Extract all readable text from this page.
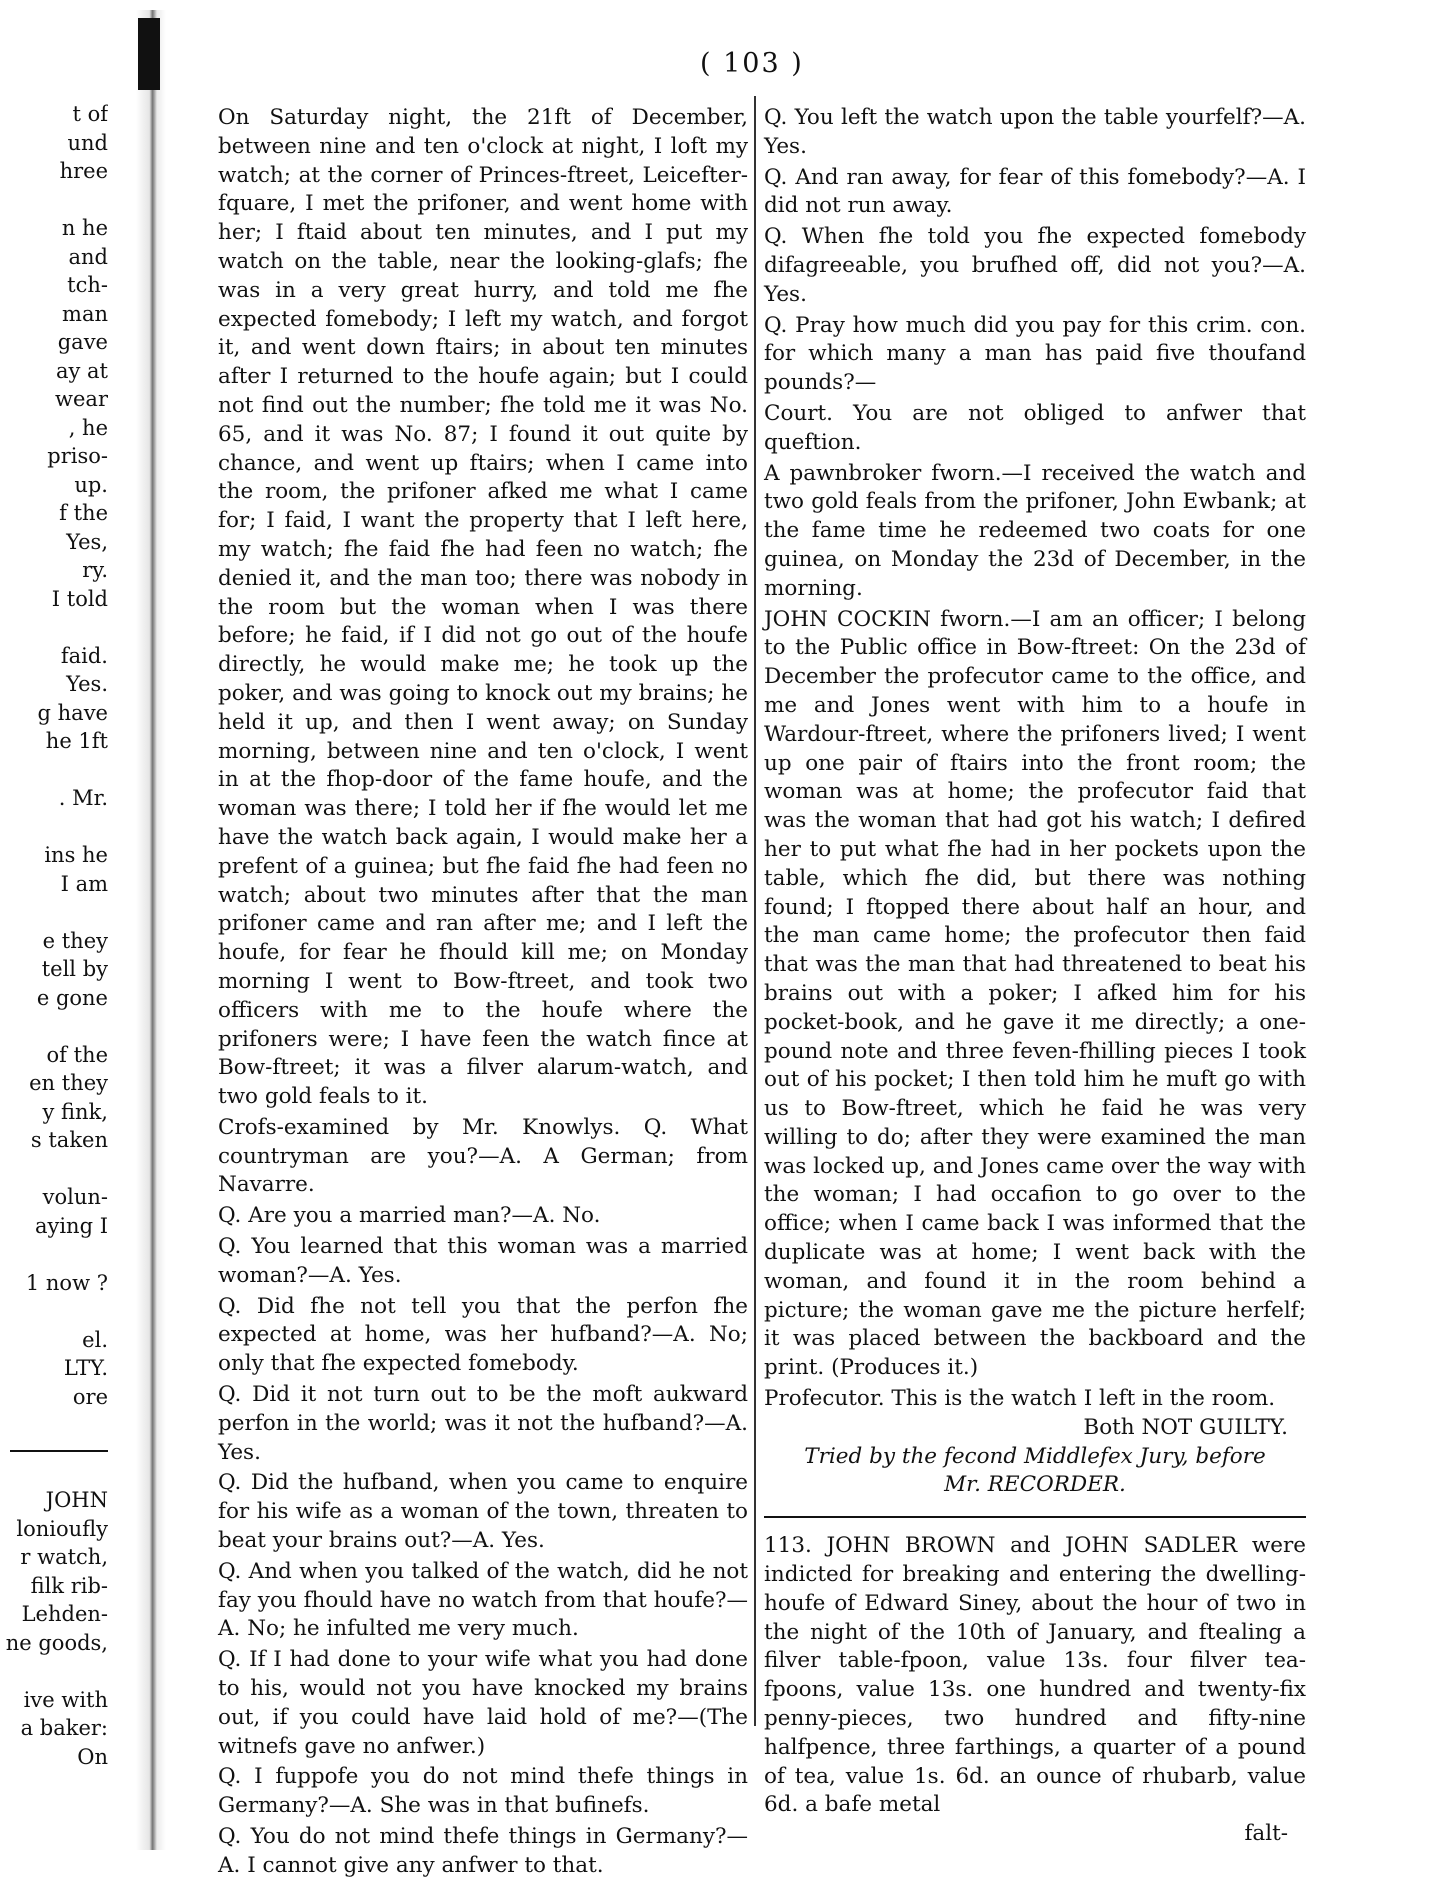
( 103 )
t of
und
hree
n he
and
tch-
man
gave
ay at
wear
, he
priso-
up.
f the
Yes,
ry.
I told
faid.
Yes.
g have
he 1ft
. Mr.
ins he
I am
e they
tell by
e gone
of the
en they
y fink,
s taken
volun-
aying I
1 now ?
el.
LTY.
ore
JOHN
lonioufly
r watch,
filk rib-
Lehden-
ne goods,
ive with
a baker:
On

On Saturday night, the 21ft of December, between nine and ten o'clock at night, I loft my watch; at the corner of Princes-ftreet, Leicefter-fquare, I met the prifoner, and went home with her; I ftaid about ten minutes, and I put my watch on the table, near the looking-glafs; fhe was in a very great hurry, and told me fhe expected fomebody; I left my watch, and forgot it, and went down ftairs; in about ten minutes after I returned to the houfe again; but I could not find out the number; fhe told me it was No. 65, and it was No. 87; I found it out quite by chance, and went up ftairs; when I came into the room, the prifoner afked me what I came for; I faid, I want the property that I left here, my watch; fhe faid fhe had feen no watch; fhe denied it, and the man too; there was nobody in the room but the woman when I was there before; he faid, if I did not go out of the houfe directly, he would make me; he took up the poker, and was going to knock out my brains; he held it up, and then I went away; on Sunday morning, between nine and ten o'clock, I went in at the fhop-door of the fame houfe, and the woman was there; I told her if fhe would let me have the watch back again, I would make her a prefent of a guinea; but fhe faid fhe had feen no watch; about two minutes after that the man prifoner came and ran after me; and I left the houfe, for fear he fhould kill me; on Monday morning I went to Bow-ftreet, and took two officers with me to the houfe where the prifoners were; I have feen the watch fince at Bow-ftreet; it was a filver alarum-watch, and two gold feals to it.

Crofs-examined by Mr. Knowlys. Q. What countryman are you?—A. A German; from Navarre.

Q. Are you a married man?—A. No.

Q. You learned that this woman was a married woman?—A. Yes.

Q. Did fhe not tell you that the perfon fhe expected at home, was her hufband?—A. No; only that fhe expected fomebody.

Q. Did it not turn out to be the moft aukward perfon in the world; was it not the hufband?—A. Yes.

Q. Did the hufband, when you came to enquire for his wife as a woman of the town, threaten to beat your brains out?—A. Yes.

Q. And when you talked of the watch, did he not fay you fhould have no watch from that houfe?—A. No; he infulted me very much.

Q. If I had done to your wife what you had done to his, would not you have knocked my brains out, if you could have laid hold of me?—(The witnefs gave no anfwer.)

Q. I fuppofe you do not mind thefe things in Germany?—A. She was in that bufinefs.

Q. You do not mind thefe things in Germany?—A. I cannot give any anfwer to that.

Q. You left the watch upon the table yourfelf?—A. Yes.

Q. And ran away, for fear of this fomebody?—A. I did not run away.

Q. When fhe told you fhe expected fomebody difagreeable, you brufhed off, did not you?—A. Yes.

Q. Pray how much did you pay for this crim. con. for which many a man has paid five thoufand pounds?—

Court. You are not obliged to anfwer that queftion.

A pawnbroker fworn.—I received the watch and two gold feals from the prifoner, John Ewbank; at the fame time he redeemed two coats for one guinea, on Monday the 23d of December, in the morning.

JOHN COCKIN fworn.—I am an officer; I belong to the Public office in Bow-ftreet: On the 23d of December the profecutor came to the office, and me and Jones went with him to a houfe in Wardour-ftreet, where the prifoners lived; I went up one pair of ftairs into the front room; the woman was at home; the profecutor faid that was the woman that had got his watch; I defired her to put what fhe had in her pockets upon the table, which fhe did, but there was nothing found; I ftopped there about half an hour, and the man came home; the profecutor then faid that was the man that had threatened to beat his brains out with a poker; I afked him for his pocket-book, and he gave it me directly; a one-pound note and three feven-fhilling pieces I took out of his pocket; I then told him he muft go with us to Bow-ftreet, which he faid he was very willing to do; after they were examined the man was locked up, and Jones came over the way with the woman; I had occafion to go over to the office; when I came back I was informed that the duplicate was at home; I went back with the woman, and found it in the room behind a picture; the woman gave me the picture herfelf; it was placed between the backboard and the print. (Produces it.)

Profecutor. This is the watch I left in the room.

Both NOT GUILTY.

Tried by the fecond Middlefex Jury, before

Mr. RECORDER.

113. JOHN BROWN and JOHN SADLER were indicted for breaking and entering the dwelling-houfe of Edward Siney, about the hour of two in the night of the 10th of January, and ftealing a filver table-fpoon, value 13s. four filver tea-fpoons, value 13s. one hundred and twenty-fix penny-pieces, two hundred and fifty-nine halfpence, three farthings, a quarter of a pound of tea, value 1s. 6d. an ounce of rhubarb, value 6d. a bafe metal

falt-
